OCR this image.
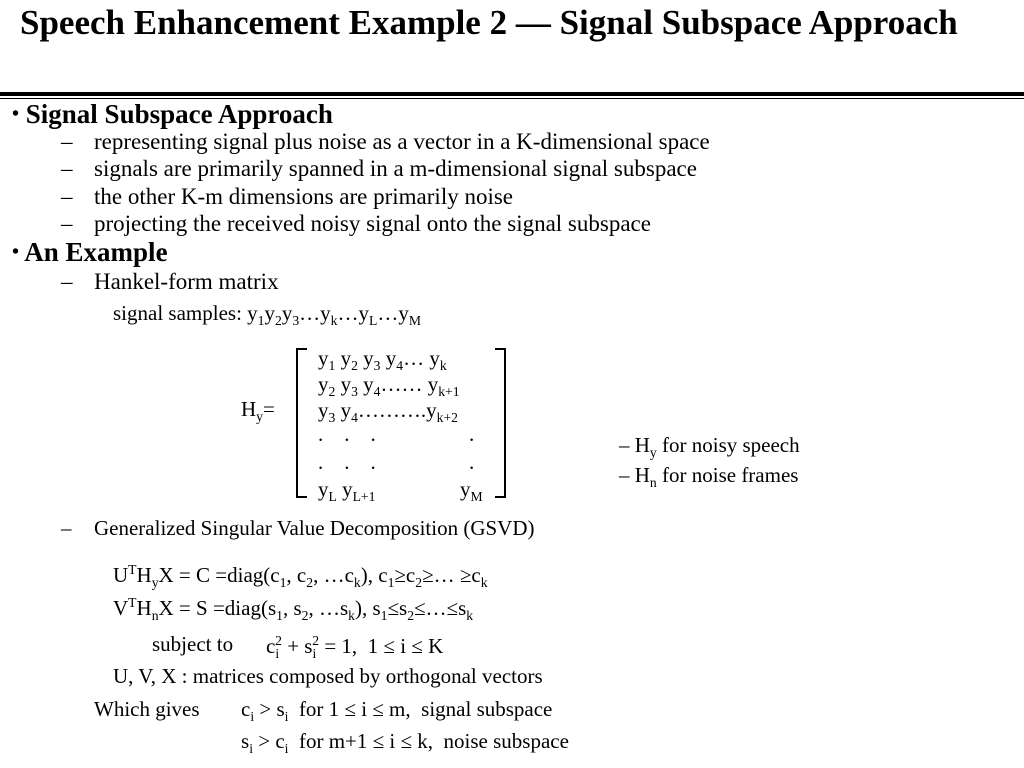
Speech Enhancement Example 2 — Signal Subspace Approach
• Signal Subspace Approach
– representing signal plus noise as a vector in a K-dimensional space
– signals are primarily spanned in a m-dimensional signal subspace
– the other K-m dimensions are primarily noise
– projecting the received noisy signal onto the signal subspace
• An Example
– Hankel-form matrix
signal samples: $y_1y_2y_3\dots y_k\dots y_L\dots y_M$
$H_y=$
$y_1$ $y_2$ $y_3$ $y_4\dots$ $y_k$
$y_2$ $y_3$ $y_4\dots\dots$ $y_{k+1}$
$y_3$ $y_4\dots\dots\dots.y_{k+2}$
.    .    .	.
.    .    .	.
$y_L$ $y_{L+1}$	$y_M$
– $H_y$ for noisy speech
– $H_n$ for noise frames
– Generalized Singular Value Decomposition (GSVD)
$U^TH_yX = C$ $=diag(c_1$, $c_2$, $\dots c_k$), $c_1\ge c_2\ge\dots \ge c_k$
$V^TH_nX = S$ $=diag(s_1$, $s_2$, $\dots s_k$), $s_1\le s_2\le\dots\le s_k$
subject to $c_i^2 + s_i^2 = 1$,  1 ≤ i ≤ K
U, V, X : matrices composed by orthogonal vectors
Which gives $c_i > s_i$  for 1 ≤ i ≤ m,  signal subspace
$s_i > c_i$  for m+1 ≤ i ≤ k,  noise subspace
